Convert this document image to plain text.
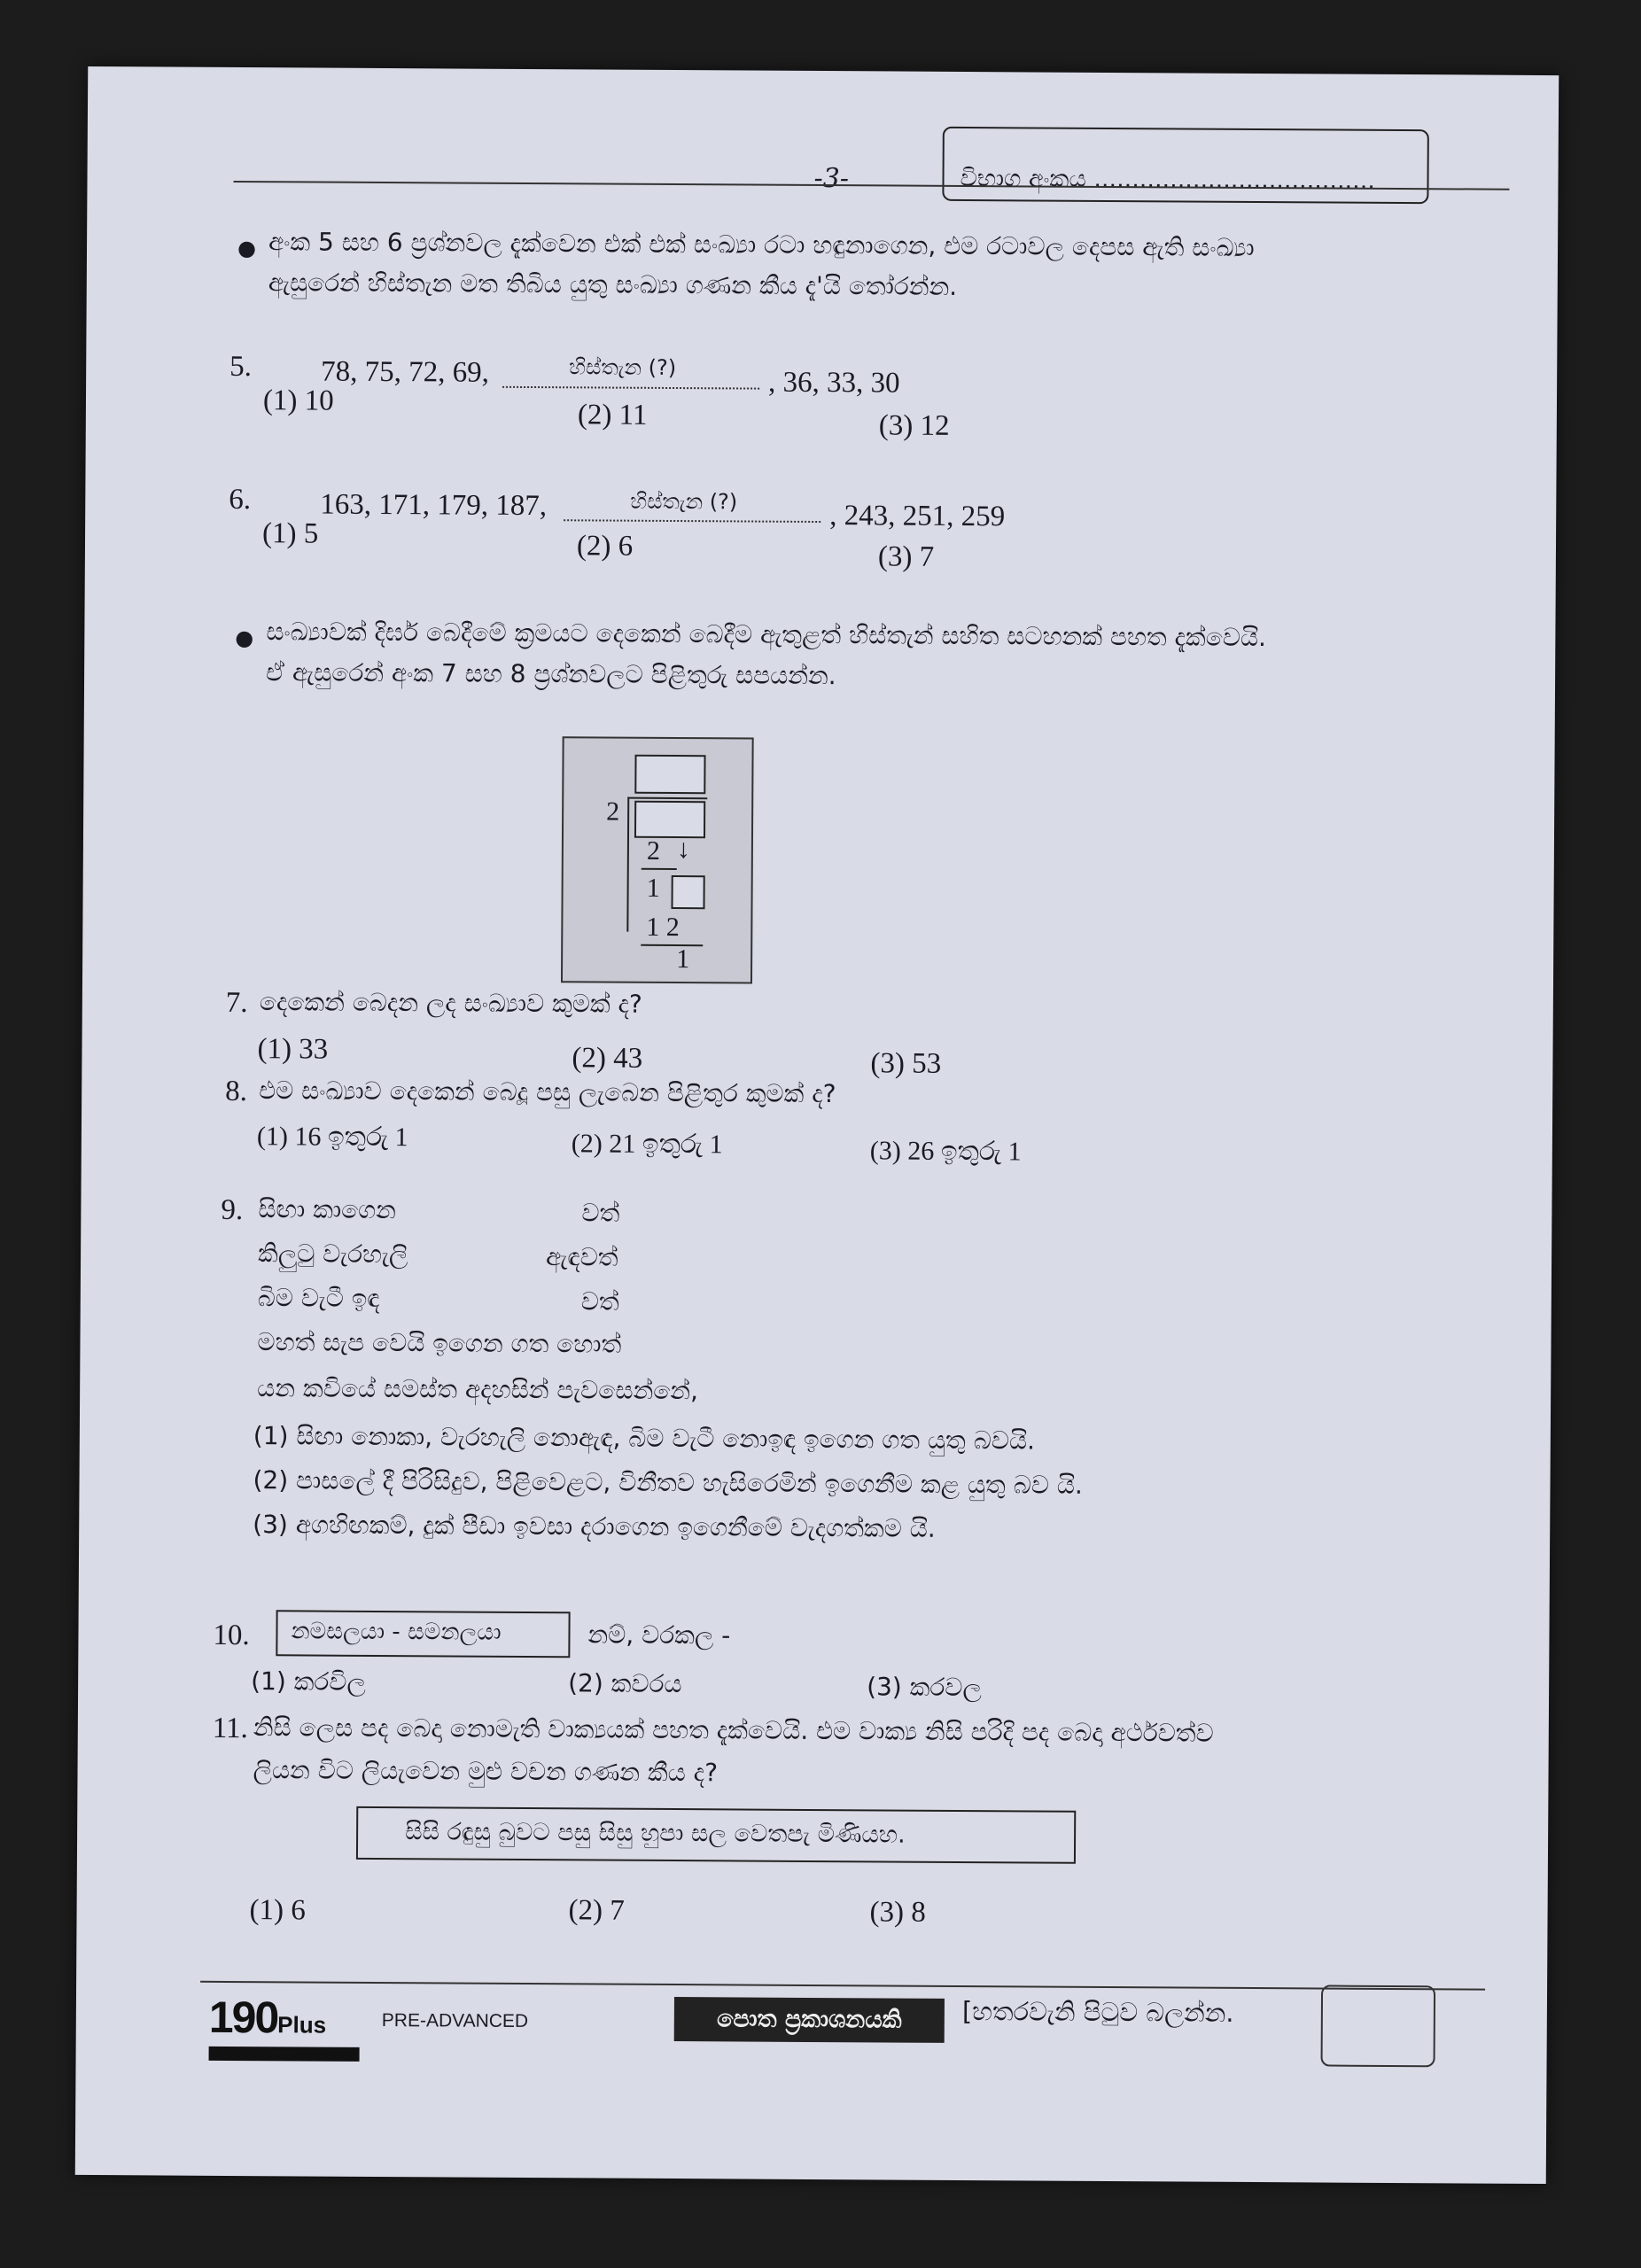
-3-	විභාග අංකය .....................................
● අංක 5 සහ 6 ප්‍රශ්නවල දැක්වෙන එක් එක් සංඛ්‍යා රටා හඳුනාගෙන, එම රටාවල දෙපස ඇති සංඛ්‍යා
ඇසුරෙන් හිස්තැන මත තිබිය යුතු සංඛ්‍යා ගණන කීය දැ'යි තෝරන්න.
5. 78, 75, 72, 69,	හිස්තැන (?)	, 36, 33, 30
(1) 10	(2) 11	(3) 12
6. 163, 171, 179, 187,	හිස්තැන (?)	, 243, 251, 259
(1) 5	(2) 6	(3) 7
● සංඛ්‍යාවක් දිර්ඝ බෙදීමේ ක්‍රමයට දෙකෙන් බෙදීම ඇතුළත් හිස්තැන් සහිත සටහනක් පහත දැක්වෙයි.
ඒ ඇසුරෙන් අංක 7 සහ 8 ප්‍රශ්නවලට පිළිතුරු සපයන්න.
2
2 ↓
1
1 2
1
7. දෙකෙන් බෙදන ලද සංඛ්‍යාව කුමක් ද?
(1) 33	(2) 43	(3) 53
8. එම සංඛ්‍යාව දෙකෙන් බෙදූ පසු ලැබෙන පිළිතුර කුමක් ද?
(1) 16 ඉතුරු 1	(2) 21 ඉතුරු 1	(3) 26 ඉතුරු 1
9. සිඟා කාගෙන	වත්
කිලුටු වැරහැලි	ඇඳවත්
බිම වැටී ඉඳ	වත්
මහත් සැප වෙයි ඉගෙන ගත හොත්
යන කවියේ සමස්ත අදහසින් පැවසෙන්නේ,
(1) සිඟා නොකා, වැරහැලි නොඇඳ, බිම වැටී නොඉඳ ඉගෙන ගත යුතු බවයි.
(2) පාසලේ දී පිරිසිදුව, පිළිවෙළට, විනීතව හැසිරෙමින් ඉගෙනීම කළ යුතු බව යි.
(3) අගහිඟකම්, දුක් පීඩා ඉවසා දරාගෙන ඉගෙනීමේ වැදගත්කම යි.
10. නමසලයා - සමනලයා	නම්, වරකල -
(1) කරවිල	(2) කවරය	(3) කරවල
11. නිසි ලෙස පද බෙදා නොමැති වාක්‍යයක් පහත දැක්වෙයි. එම වාක්‍ය නිසි පරිදි පද බෙදා අර්ථවත්ව
ලියන විට ලියැවෙන මුළු වචන ගණන කීය ද?
සිසි රඳුසු බුවට පසු සිසු හුපා සල වෙතපැ මිණියහ.
(1) 6	(2) 7	(3) 8
190Plus	PRE-ADVANCED	පොත ප්‍රකාශනයකි	[හතරවැනි පිටුව බලන්න.
